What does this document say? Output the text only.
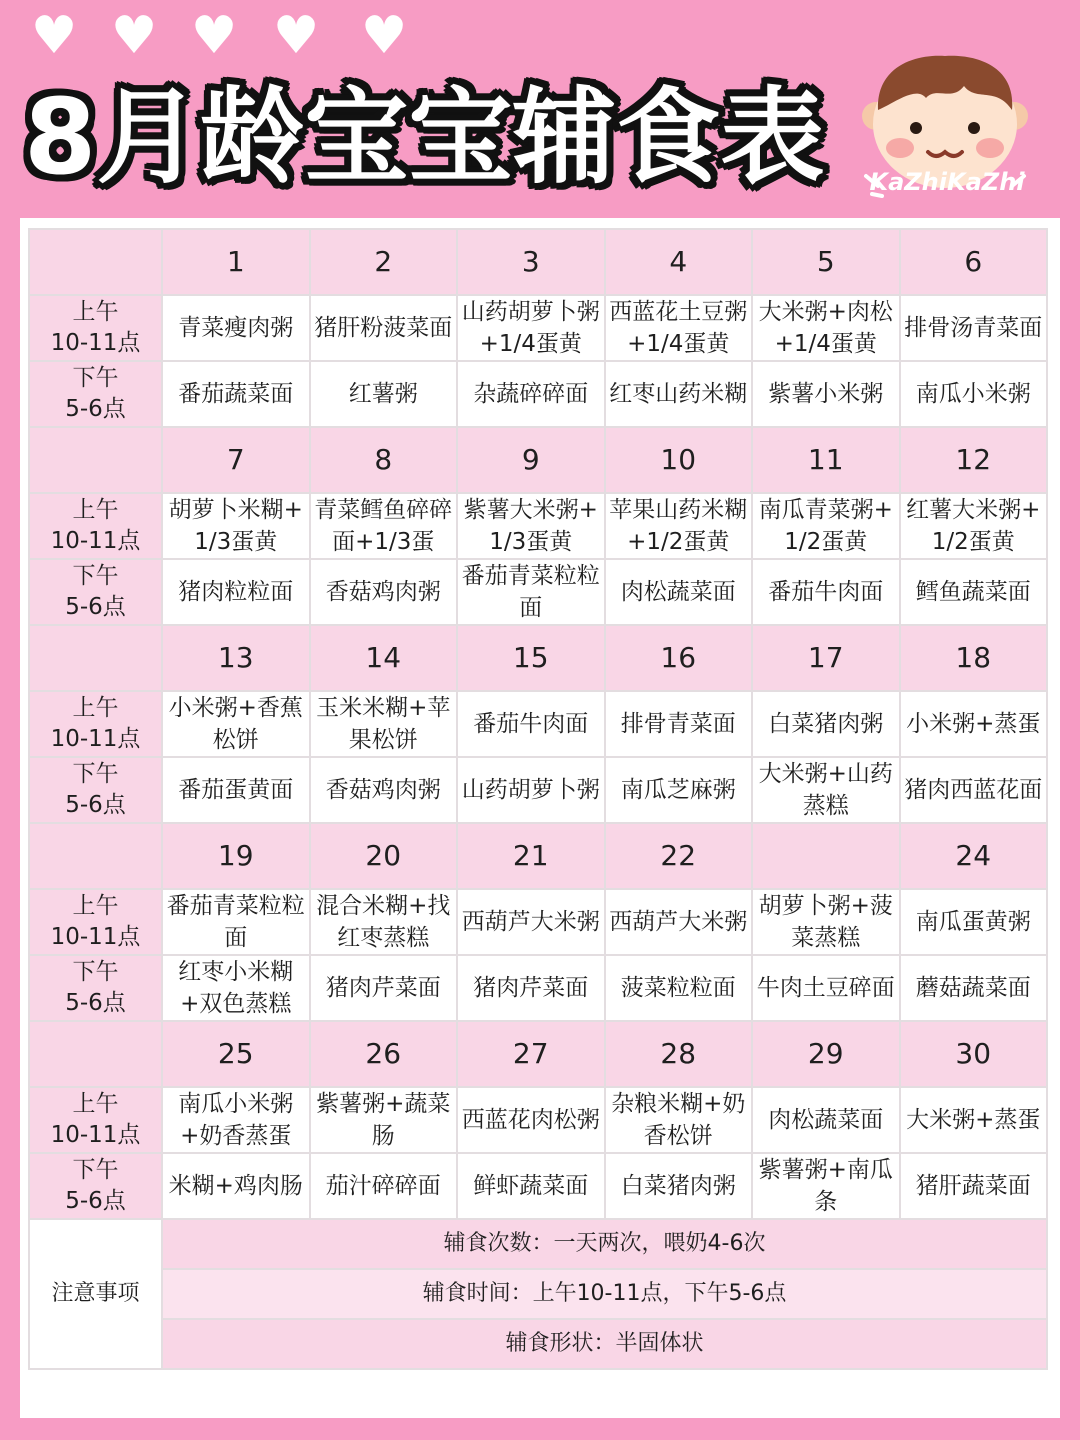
♥ ♥ ♥ ♥ ♥
8月龄宝宝辅食表	KaZhiKaZhi
	1	2	3	4	5	6

上午
10-11点	青菜瘦肉粥	猪肝粉菠菜面	山药胡萝卜粥+1/4蛋黄	西蓝花土豆粥+1/4蛋黄	大米粥+肉松+1/4蛋黄	排骨汤青菜面

下午
5-6点	番茄蔬菜面	红薯粥	杂蔬碎碎面	红枣山药米糊	紫薯小米粥	南瓜小米粥
	7	8	9	10	11	12

上午
10-11点	胡萝卜米糊+1/3蛋黄	青菜鳕鱼碎碎面+1/3蛋	紫薯大米粥+1/3蛋黄	苹果山药米糊+1/2蛋黄	南瓜青菜粥+1/2蛋黄	红薯大米粥+1/2蛋黄

下午
5-6点	猪肉粒粒面	香菇鸡肉粥	番茄青菜粒粒面	肉松蔬菜面	番茄牛肉面	鳕鱼蔬菜面
	13	14	15	16	17	18

上午
10-11点	小米粥+香蕉松饼	玉米米糊+苹果松饼	番茄牛肉面	排骨青菜面	白菜猪肉粥	小米粥+蒸蛋

下午
5-6点	番茄蛋黄面	香菇鸡肉粥	山药胡萝卜粥	南瓜芝麻粥	大米粥+山药蒸糕	猪肉西蓝花面
	19	20	21	22		24

上午
10-11点	番茄青菜粒粒面	混合米糊+找红枣蒸糕	西葫芦大米粥	西葫芦大米粥	胡萝卜粥+菠菜蒸糕	南瓜蛋黄粥

下午
5-6点	红枣小米糊+双色蒸糕	猪肉芹菜面	猪肉芹菜面	菠菜粒粒面	牛肉土豆碎面	蘑菇蔬菜面
	25	26	27	28	29	30

上午
10-11点	南瓜小米粥+奶香蒸蛋	紫薯粥+蔬菜肠	西蓝花肉松粥	杂粮米糊+奶香松饼	肉松蔬菜面	大米粥+蒸蛋

下午
5-6点	米糊+鸡肉肠	茄汁碎碎面	鲜虾蔬菜面	白菜猪肉粥	紫薯粥+南瓜条	猪肝蔬菜面
注意事项	辅食次数：一天两次，喂奶4-6次					
	辅食时间：上午10-11点，下午5-6点					
	辅食形状：半固体状					
